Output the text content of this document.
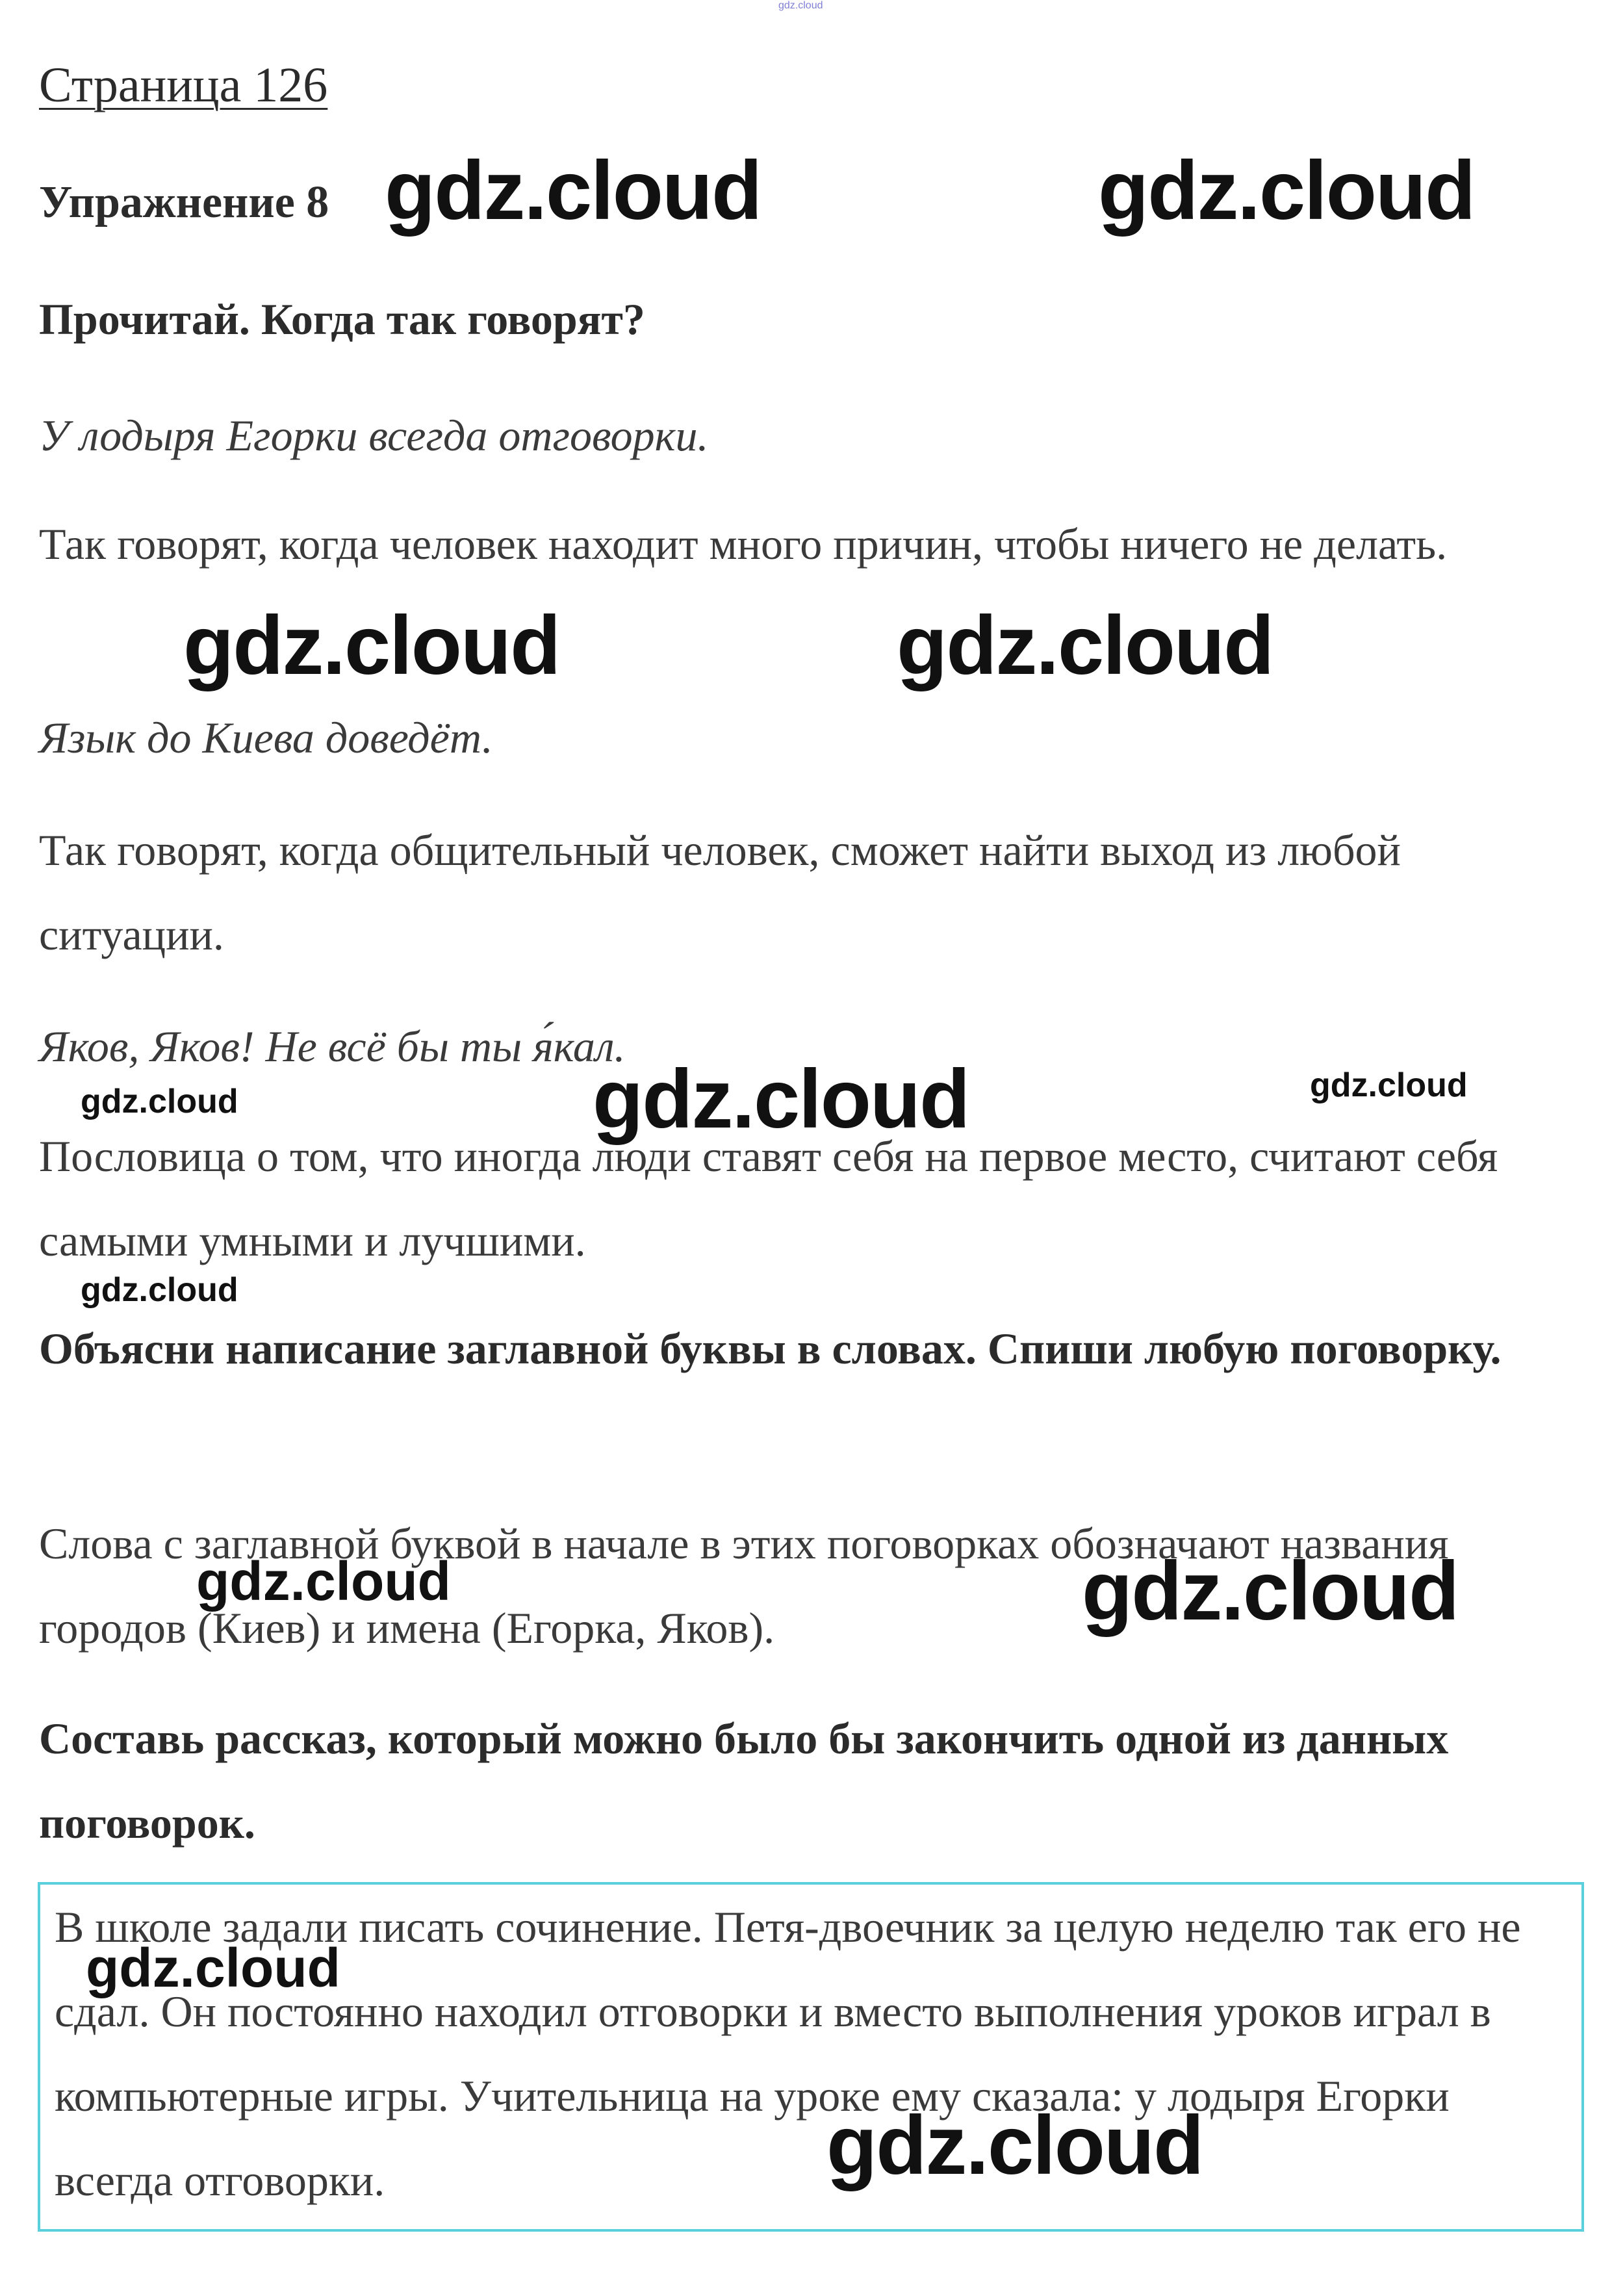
gdz.cloud
Страница 126
Упражнение 8
Прочитай. Когда так говорят?
У лодыря Егорки всегда отговорки.
Так говорят, когда человек находит много причин, чтобы ничего не делать.
Язык до Киева доведёт.
Так говорят, когда общительный человек, сможет найти выход из любой ситуации.
Яков, Яков! Не всё бы ты я́кал.
Пословица о том, что иногда люди ставят себя на первое место, считают себя самыми умными и лучшими.
Объясни написание заглавной буквы в словах. Спиши любую поговорку.
Слова с заглавной буквой в начале в этих поговорках обозначают названия городов (Киев) и имена (Егорка, Яков).
Составь рассказ, который можно было бы закончить одной из данных поговорок.
В школе задали писать сочинение. Петя-двоечник за целую неделю так его не сдал. Он постоянно находил отговорки и вместо выполнения уроков играл в компьютерные игры. Учительница на уроке ему сказала: у лодыря Егорки всегда отговорки.
gdz.cloud	gdz.cloud
gdz.cloud	gdz.cloud
gdz.cloud	gdz.cloud	gdz.cloud
gdz.cloud
gdz.cloud	gdz.cloud
gdz.cloud
gdz.cloud
